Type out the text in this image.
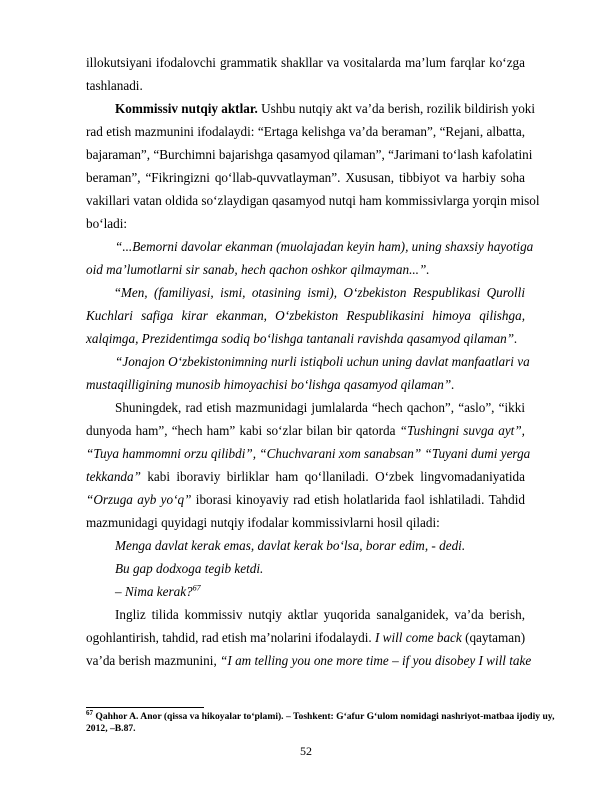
illokutsiyani ifodalovchi grammatik shakllar va vositalarda ma’lum farqlar ko‘zga
tashlanadi.
Kommissiv nutqiy aktlar. Ushbu nutqiy akt va’da berish, rozilik bildirish yoki
rad etish mazmunini ifodalaydi: “Ertaga kelishga va’da beraman”, “Rejani, albatta,
bajaraman”, “Burchimni bajarishga qasamyod qilaman”, “Jarimani to‘lash kafolatini
beraman”, “Fikringizni qo‘llab-quvvatlayman”. Xususan, tibbiyot va harbiy soha
vakillari vatan oldida so‘zlaydigan qasamyod nutqi ham kommissivlarga yorqin misol
bo‘ladi:
“...Bemorni davolar ekanman (muolajadan keyin ham), uning shaxsiy hayotiga
oid ma’lumotlarni sir sanab, hech qachon oshkor qilmayman...”.
“Men, (familiyasi, ismi, otasining ismi), O‘zbekiston Respublikasi Qurolli
Kuchlari safiga kirar ekanman, O‘zbekiston Respublikasini himoya qilishga,
xalqimga, Prezidentimga sodiq bo‘lishga tantanali ravishda qasamyod qilaman”.
“Jonajon O‘zbekistonimning nurli istiqboli uchun uning davlat manfaatlari va
mustaqilligining munosib himoyachisi bo‘lishga qasamyod qilaman”.
Shuningdek, rad etish mazmunidagi jumlalarda “hech qachon”, “aslo”, “ikki
dunyoda ham”, “hech ham” kabi so‘zlar bilan bir qatorda “Tushingni suvga ayt”,
“Tuya hammomni orzu qilibdi”, “Chuchvarani xom sanabsan” “Tuyani dumi yerga
tekkanda” kabi iboraviy birliklar ham qo‘llaniladi. O‘zbek lingvomadaniyatida
“Orzuga ayb yo‘q” iborasi kinoyaviy rad etish holatlarida faol ishlatiladi. Tahdid
mazmunidagi quyidagi nutqiy ifodalar kommissivlarni hosil qiladi:
Menga davlat kerak emas, davlat kerak bo‘lsa, borar edim, - dedi.
Bu gap dodxoga tegib ketdi.
– Nima kerak?$^{67}$
Ingliz tilida kommissiv nutqiy aktlar yuqorida sanalganidek, va’da berish,
ogohlantirish, tahdid, rad etish ma’nolarini ifodalaydi. I will come back (qaytaman)
va’da berish mazmunini, “I am telling you one more time – if you disobey I will take
$^{67}$ Qahhor A. Anor (qissa va hikoyalar to‘plami). – Toshkent: G‘afur G‘ulom nomidagi nashriyot-matbaa ijodiy uy,
2012, –B.87.
52
